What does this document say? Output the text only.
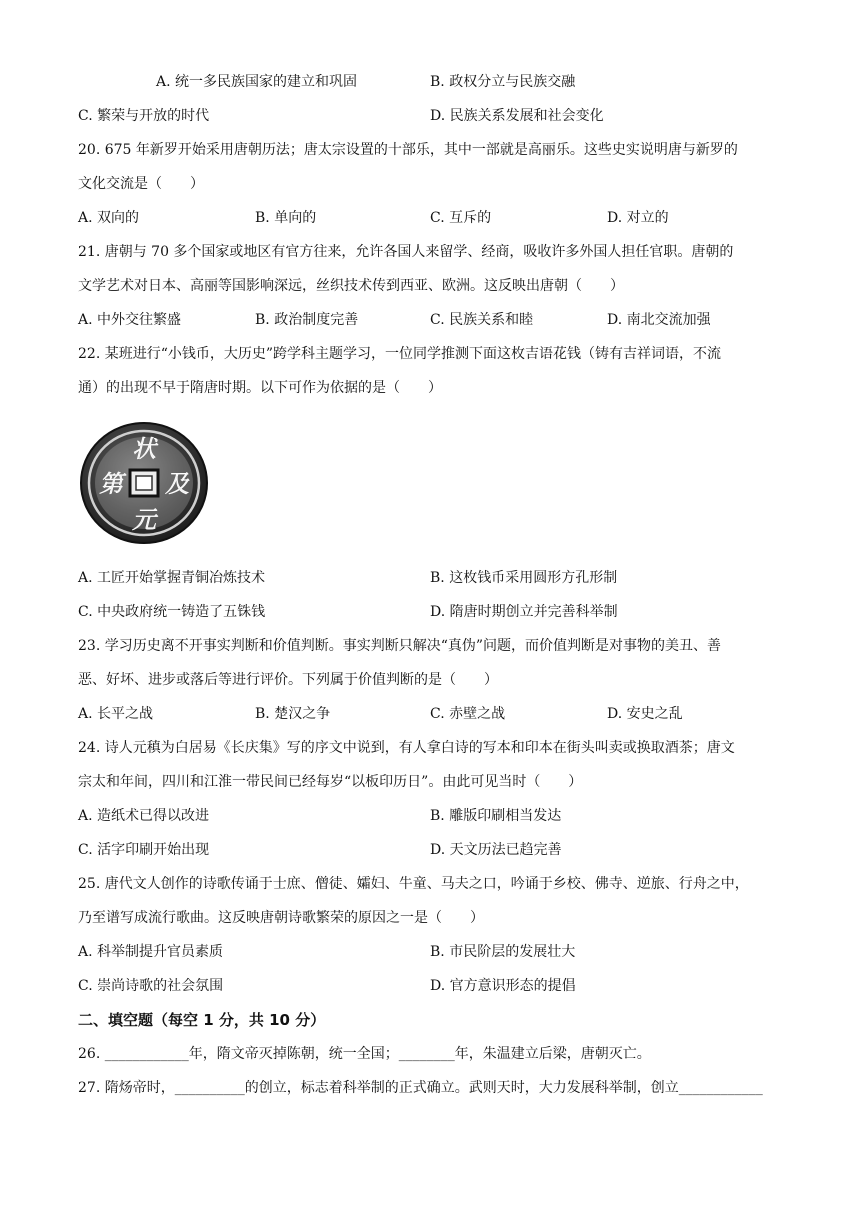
A. 统一多民族国家的建立和巩固	B. 政权分立与民族交融
C. 繁荣与开放的时代	D. 民族关系发展和社会变化
20. 675 年新罗开始采用唐朝历法；唐太宗设置的十部乐，其中一部就是高丽乐。这些史实说明唐与新罗的
文化交流是（　　）
A. 双向的	B. 单向的	C. 互斥的	D. 对立的
21. 唐朝与 70 多个国家或地区有官方往来，允许各国人来留学、经商，吸收许多外国人担任官职。唐朝的
文学艺术对日本、高丽等国影响深远，丝织技术传到西亚、欧洲。这反映出唐朝（　　）
A. 中外交往繁盛	B. 政治制度完善	C. 民族关系和睦	D. 南北交流加强
22. 某班进行“小钱币，大历史”跨学科主题学习，一位同学推测下面这枚吉语花钱（铸有吉祥词语，不流
通）的出现不早于隋唐时期。以下可作为依据的是（　　）
状
第 及
元
A. 工匠开始掌握青铜冶炼技术	B. 这枚钱币采用圆形方孔形制
C. 中央政府统一铸造了五铢钱	D. 隋唐时期创立并完善科举制
23. 学习历史离不开事实判断和价值判断。事实判断只解决“真伪”问题，而价值判断是对事物的美丑、善
恶、好坏、进步或落后等进行评价。下列属于价值判断的是（　　）
A. 长平之战	B. 楚汉之争	C. 赤壁之战	D. 安史之乱
24. 诗人元稹为白居易《长庆集》写的序文中说到，有人拿白诗的写本和印本在街头叫卖或换取酒茶；唐文
宗太和年间，四川和江淮一带民间已经每岁“以板印历日”。由此可见当时（　　）
A. 造纸术已得以改进	B. 雕版印刷相当发达
C. 活字印刷开始出现	D. 天文历法已趋完善
25. 唐代文人创作的诗歌传诵于士庶、僧徒、孀妇、牛童、马夫之口，吟诵于乡校、佛寺、逆旅、行舟之中，
乃至谱写成流行歌曲。这反映唐朝诗歌繁荣的原因之一是（　　）
A. 科举制提升官员素质	B. 市民阶层的发展壮大
C. 崇尚诗歌的社会氛围	D. 官方意识形态的提倡
二、填空题（每空 1 分，共 10 分）
26. ____________年，隋文帝灭掉陈朝，统一全国；________年，朱温建立后梁，唐朝灭亡。
27. 隋炀帝时，__________的创立，标志着科举制的正式确立。武则天时，大力发展科举制，创立____________
